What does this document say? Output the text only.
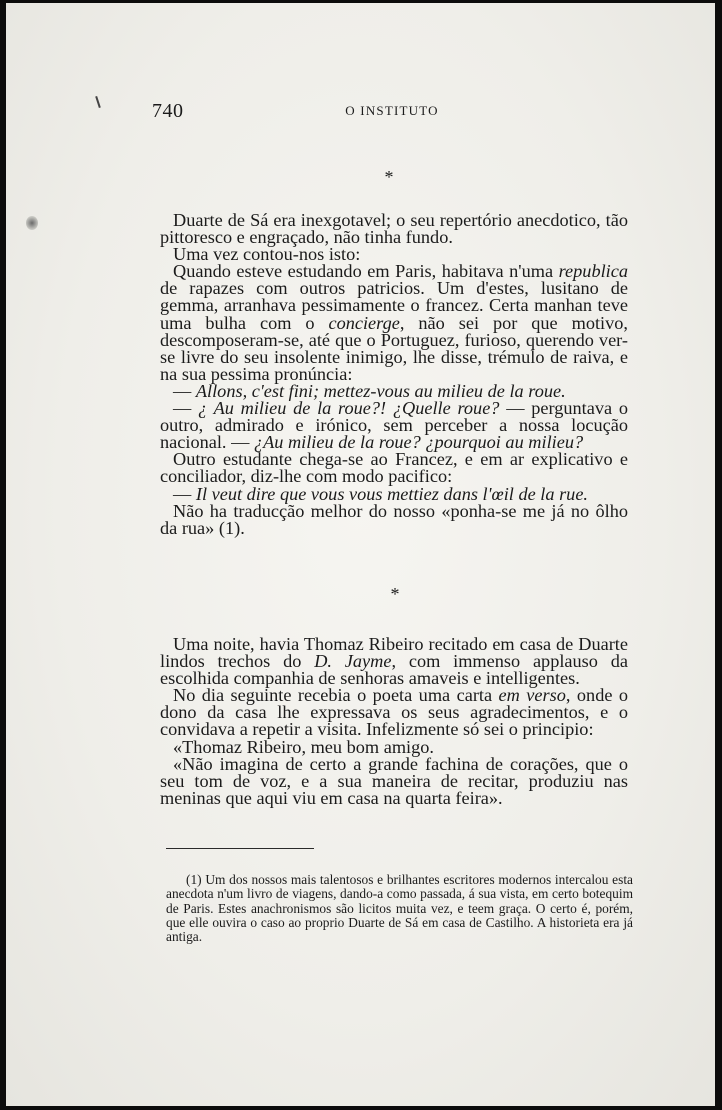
740	O INSTITUTO
*

Duarte de Sá era inexgotavel; o seu repertório anecdotico, tão pittoresco e engraçado, não tinha fundo.

Uma vez contou-nos isto:

Quando esteve estudando em Paris, habitava n'uma republica de rapazes com outros patricios. Um d'estes, lusitano de gemma, arranhava pessimamente o francez. Certa manhan teve uma bulha com o concierge, não sei por que motivo, descomposeram-se, até que o Portuguez, furioso, querendo ver-se livre do seu insolente inimigo, lhe disse, trémulo de raiva, e na sua pessima pronúncia:

— Allons, c'est fini; mettez-vous au milieu de la roue.

— ¿ Au milieu de la roue?! ¿Quelle roue? — perguntava o outro, admirado e irónico, sem perceber a nossa locução nacional. — ¿Au milieu de la roue? ¿pourquoi au milieu?

Outro estudante chega-se ao Francez, e em ar explicativo e conciliador, diz-lhe com modo pacifico:

— Il veut dire que vous vous mettiez dans l'œil de la rue.

Não ha traducção melhor do nosso «ponha-se me já no ôlho da rua» (1).

*

Uma noite, havia Thomaz Ribeiro recitado em casa de Duarte lindos trechos do D. Jayme, com immenso applauso da escolhida companhia de senhoras amaveis e intelligentes.

No dia seguinte recebia o poeta uma carta em verso, onde o dono da casa lhe expressava os seus agradecimentos, e o convidava a repetir a visita. Infelizmente só sei o principio:

«Thomaz Ribeiro, meu bom amigo.

«Não imagina de certo a grande fachina de corações, que o seu tom de voz, e a sua maneira de recitar, produziu nas meninas que aqui viu em casa na quarta feira».

(1) Um dos nossos mais talentosos e brilhantes escritores modernos intercalou esta anecdota n'um livro de viagens, dando-a como passada, á sua vista, em certo botequim de Paris. Estes anachronismos são licitos muita vez, e teem graça. O certo é, porém, que elle ouvira o caso ao proprio Duarte de Sá em casa de Castilho. A historieta era já antiga.
